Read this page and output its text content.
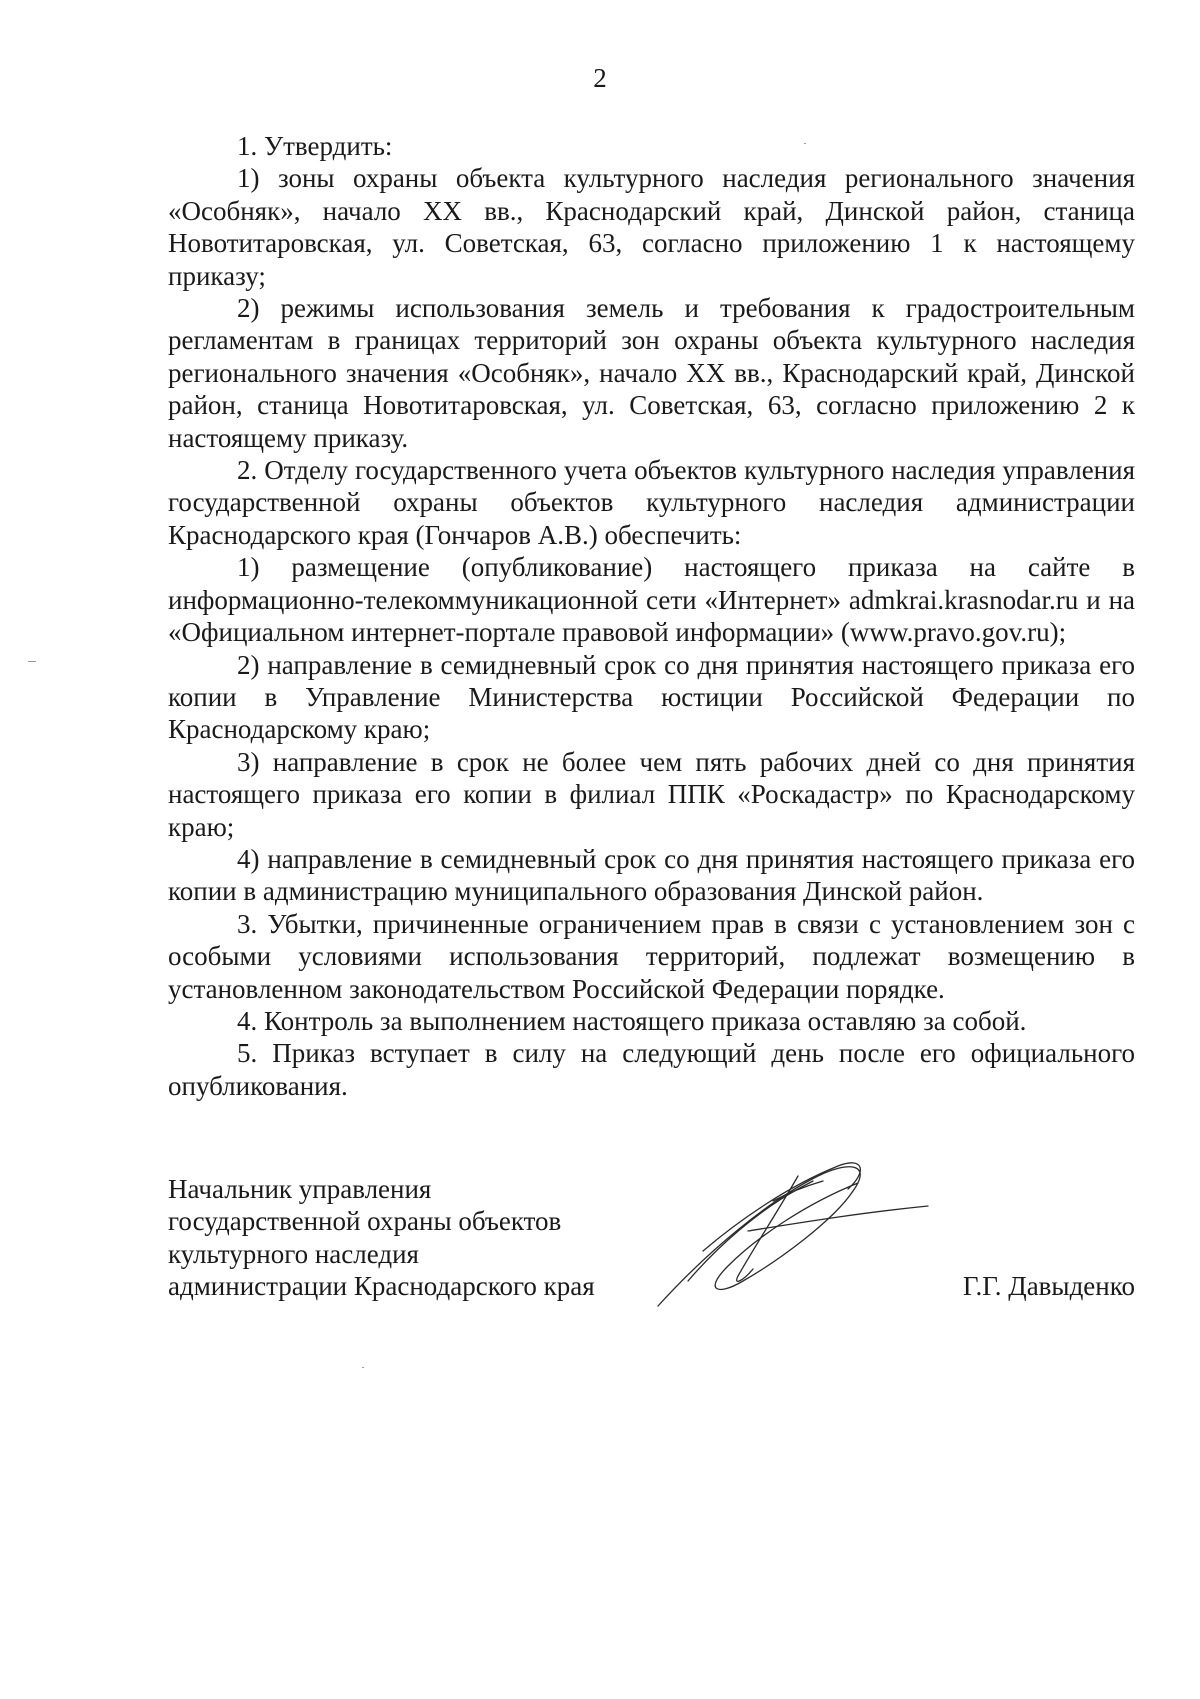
2

1. Утвердить:

1) зоны охраны объекта культурного наследия регионального значения «Особняк», начало XX вв., Краснодарский край, Динской район, станица Новотитаровская, ул. Советская, 63, согласно приложению 1 к настоящему приказу;

2) режимы использования земель и требования к градостроительным регламентам в границах территорий зон охраны объекта культурного наследия регионального значения «Особняк», начало XX вв., Краснодарский край, Динской район, станица Новотитаровская, ул. Советская, 63, согласно приложению 2 к настоящему приказу.

2. Отделу государственного учета объектов культурного наследия управления государственной охраны объектов культурного наследия администрации Краснодарского края (Гончаров А.В.) обеспечить:

1) размещение (опубликование) настоящего приказа на сайте в информационно-телекоммуникационной сети «Интернет» admkrai.krasnodar.ru и на «Официальном интернет-портале правовой информации» (www.pravo.gov.ru);

2) направление в семидневный срок со дня принятия настоящего приказа его копии в Управление Министерства юстиции Российской Федерации по Краснодарскому краю;

3) направление в срок не более чем пять рабочих дней со дня принятия настоящего приказа его копии в филиал ППК «Роскадастр» по Краснодарскому краю;

4) направление в семидневный срок со дня принятия настоящего приказа его копии в администрацию муниципального образования Динской район.

3. Убытки, причиненные ограничением прав в связи с установлением зон с особыми условиями использования территорий, подлежат возмещению в установленном законодательством Российской Федерации порядке.

4. Контроль за выполнением настоящего приказа оставляю за собой.

5. Приказ вступает в силу на следующий день после его официального опубликования.

Начальник управления
государственной охраны объектов
культурного наследия
администрации Краснодарского края	Г.Г. Давыденко
